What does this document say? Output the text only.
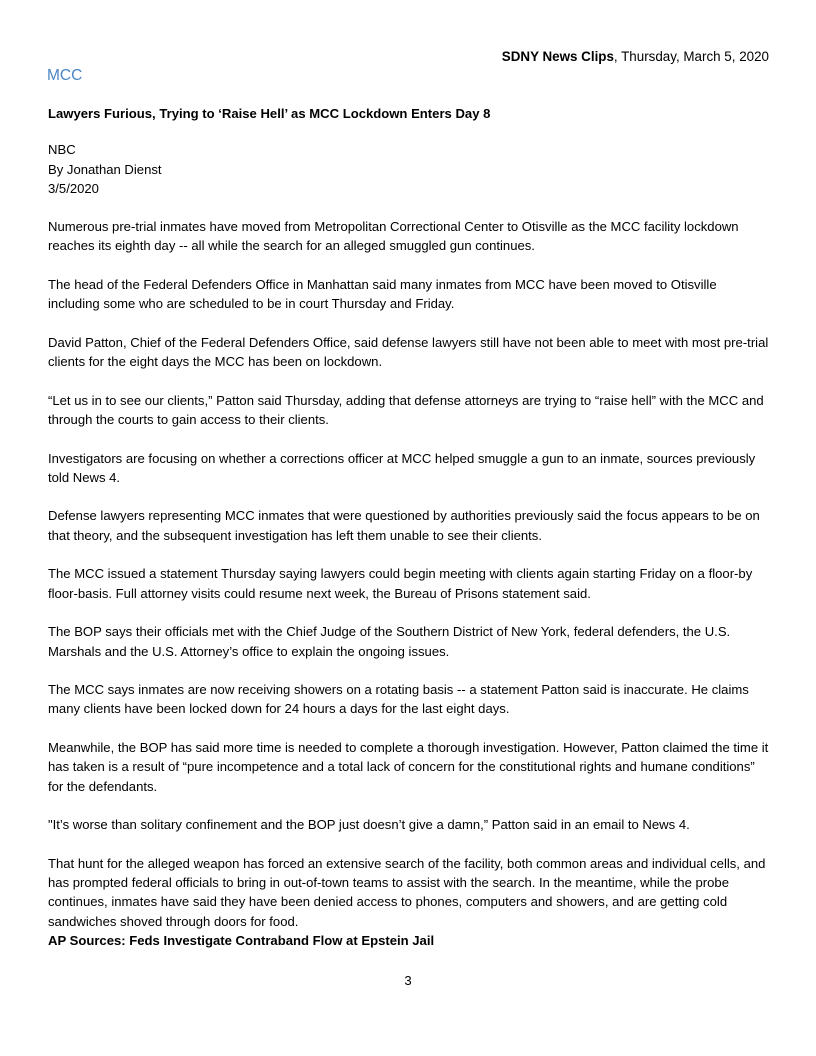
SDNY News Clips, Thursday, March 5, 2020
MCC
Lawyers Furious, Trying to ‘Raise Hell’ as MCC Lockdown Enters Day 8
NBC
By Jonathan Dienst
3/5/2020

Numerous pre-trial inmates have moved from Metropolitan Correctional Center to Otisville as the MCC facility lockdown reaches its eighth day -- all while the search for an alleged smuggled gun continues.

The head of the Federal Defenders Office in Manhattan said many inmates from MCC have been moved to Otisville including some who are scheduled to be in court Thursday and Friday.

David Patton, Chief of the Federal Defenders Office, said defense lawyers still have not been able to meet with most pre-trial clients for the eight days the MCC has been on lockdown.

“Let us in to see our clients,” Patton said Thursday, adding that defense attorneys are trying to “raise hell” with the MCC and through the courts to gain access to their clients.

Investigators are focusing on whether a corrections officer at MCC helped smuggle a gun to an inmate, sources previously told News 4.

Defense lawyers representing MCC inmates that were questioned by authorities previously said the focus appears to be on that theory, and the subsequent investigation has left them unable to see their clients.

The MCC issued a statement Thursday saying lawyers could begin meeting with clients again starting Friday on a floor-by floor-basis. Full attorney visits could resume next week, the Bureau of Prisons statement said.

The BOP says their officials met with the Chief Judge of the Southern District of New York, federal defenders, the U.S. Marshals and the U.S. Attorney’s office to explain the ongoing issues.

The MCC says inmates are now receiving showers on a rotating basis -- a statement Patton said is inaccurate. He claims many clients have been locked down for 24 hours a days for the last eight days.

Meanwhile, the BOP has said more time is needed to complete a thorough investigation. However, Patton claimed the time it has taken is a result of “pure incompetence and a total lack of concern for the constitutional rights and humane conditions” for the defendants.

"It’s worse than solitary confinement and the BOP just doesn’t give a damn,” Patton said in an email to News 4.

That hunt for the alleged weapon has forced an extensive search of the facility, both common areas and individual cells, and has prompted federal officials to bring in out-of-town teams to assist with the search. In the meantime, while the probe continues, inmates have said they have been denied access to phones, computers and showers, and are getting cold sandwiches shoved through doors for food.

AP Sources: Feds Investigate Contraband Flow at Epstein Jail
3
